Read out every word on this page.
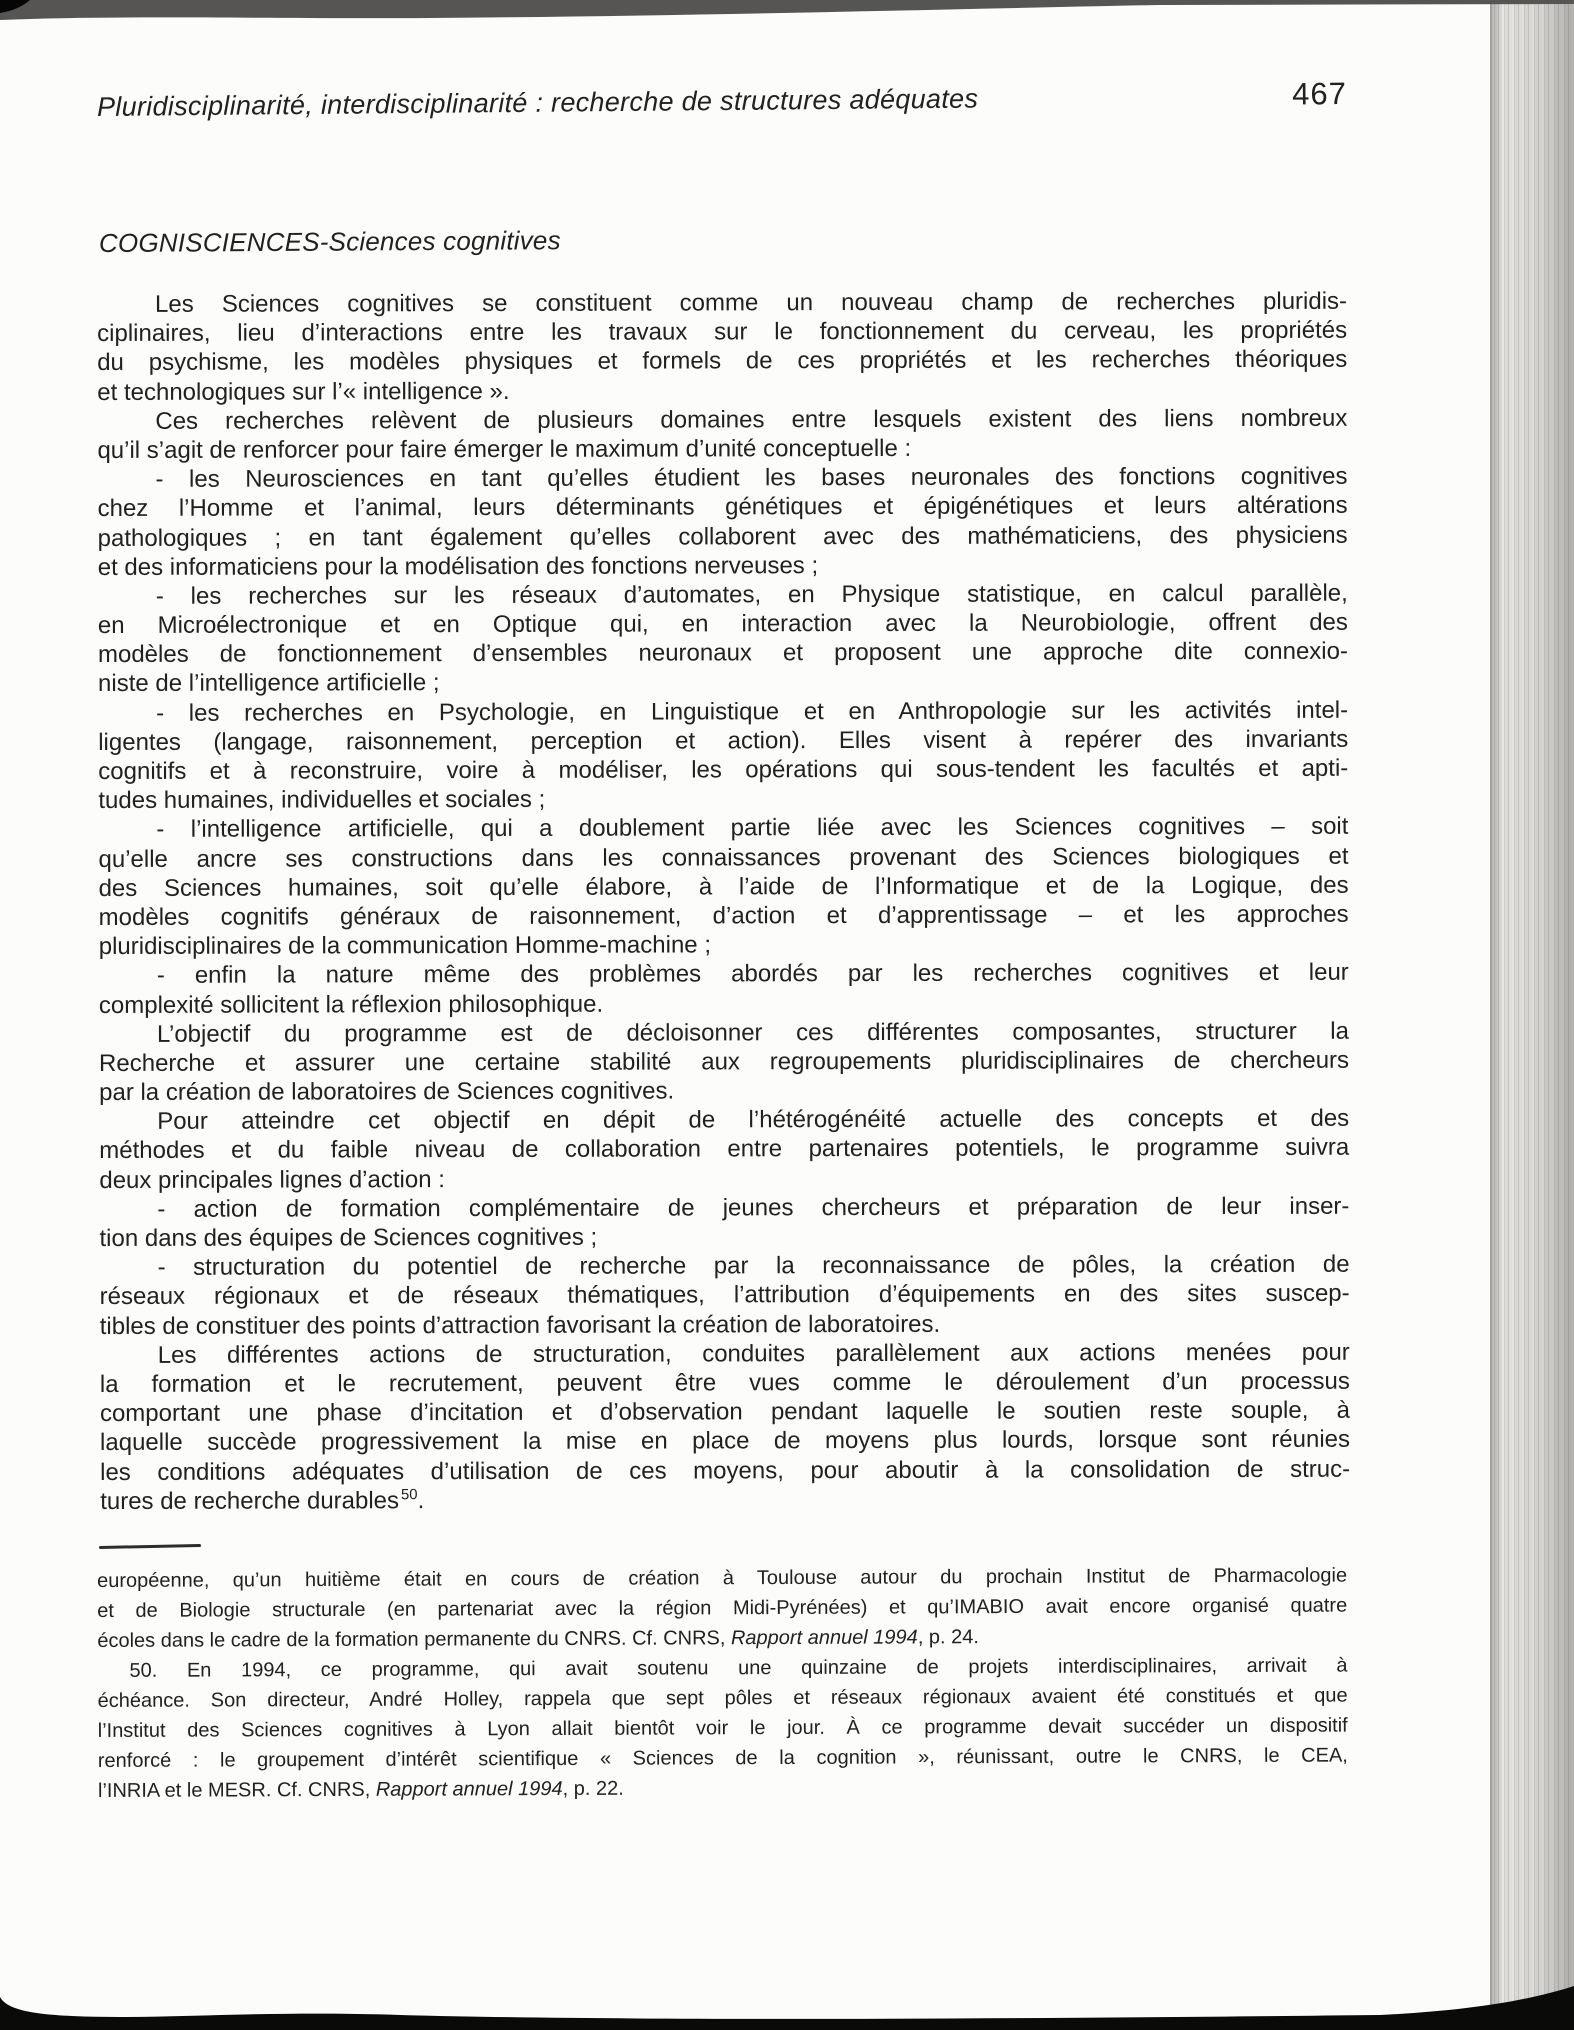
Pluridisciplinarité, interdisciplinarité : recherche de structures adéquates	467
COGNISCIENCES-Sciences cognitives
Les Sciences cognitives se constituent comme un nouveau champ de recherches pluridis-
ciplinaires, lieu d’interactions entre les travaux sur le fonctionnement du cerveau, les propriétés
du psychisme, les modèles physiques et formels de ces propriétés et les recherches théoriques
et technologiques sur l’« intelligence ».
Ces recherches relèvent de plusieurs domaines entre lesquels existent des liens nombreux
qu’il s’agit de renforcer pour faire émerger le maximum d’unité conceptuelle :
- les Neurosciences en tant qu’elles étudient les bases neuronales des fonctions cognitives
chez l’Homme et l’animal, leurs déterminants génétiques et épigénétiques et leurs altérations
pathologiques ; en tant également qu’elles collaborent avec des mathématiciens, des physiciens
et des informaticiens pour la modélisation des fonctions nerveuses ;
- les recherches sur les réseaux d’automates, en Physique statistique, en calcul parallèle,
en Microélectronique et en Optique qui, en interaction avec la Neurobiologie, offrent des
modèles de fonctionnement d’ensembles neuronaux et proposent une approche dite connexio-
niste de l’intelligence artificielle ;
- les recherches en Psychologie, en Linguistique et en Anthropologie sur les activités intel-
ligentes (langage, raisonnement, perception et action). Elles visent à repérer des invariants
cognitifs et à reconstruire, voire à modéliser, les opérations qui sous-tendent les facultés et apti-
tudes humaines, individuelles et sociales ;
- l’intelligence artificielle, qui a doublement partie liée avec les Sciences cognitives – soit
qu’elle ancre ses constructions dans les connaissances provenant des Sciences biologiques et
des Sciences humaines, soit qu’elle élabore, à l’aide de l’Informatique et de la Logique, des
modèles cognitifs généraux de raisonnement, d’action et d’apprentissage – et les approches
pluridisciplinaires de la communication Homme-machine ;
- enfin la nature même des problèmes abordés par les recherches cognitives et leur
complexité sollicitent la réflexion philosophique.
L’objectif du programme est de décloisonner ces différentes composantes, structurer la
Recherche et assurer une certaine stabilité aux regroupements pluridisciplinaires de chercheurs
par la création de laboratoires de Sciences cognitives.
Pour atteindre cet objectif en dépit de l’hétérogénéité actuelle des concepts et des
méthodes et du faible niveau de collaboration entre partenaires potentiels, le programme suivra
deux principales lignes d’action :
- action de formation complémentaire de jeunes chercheurs et préparation de leur inser-
tion dans des équipes de Sciences cognitives ;
- structuration du potentiel de recherche par la reconnaissance de pôles, la création de
réseaux régionaux et de réseaux thématiques, l’attribution d’équipements en des sites suscep-
tibles de constituer des points d’attraction favorisant la création de laboratoires.
Les différentes actions de structuration, conduites parallèlement aux actions menées pour
la formation et le recrutement, peuvent être vues comme le déroulement d’un processus
comportant une phase d’incitation et d’observation pendant laquelle le soutien reste souple, à
laquelle succède progressivement la mise en place de moyens plus lourds, lorsque sont réunies
les conditions adéquates d’utilisation de ces moyens, pour aboutir à la consolidation de struc-
tures de recherche durables $^{50}$.
européenne, qu’un huitième était en cours de création à Toulouse autour du prochain Institut de Pharmacologie
et de Biologie structurale (en partenariat avec la région Midi-Pyrénées) et qu’IMABIO avait encore organisé quatre
écoles dans le cadre de la formation permanente du CNRS. Cf. CNRS, Rapport annuel 1994, p. 24.
50. En 1994, ce programme, qui avait soutenu une quinzaine de projets interdisciplinaires, arrivait à
échéance. Son directeur, André Holley, rappela que sept pôles et réseaux régionaux avaient été constitués et que
l’Institut des Sciences cognitives à Lyon allait bientôt voir le jour. À ce programme devait succéder un dispositif
renforcé : le groupement d’intérêt scientifique « Sciences de la cognition », réunissant, outre le CNRS, le CEA,
l’INRIA et le MESR. Cf. CNRS, Rapport annuel 1994, p. 22.
